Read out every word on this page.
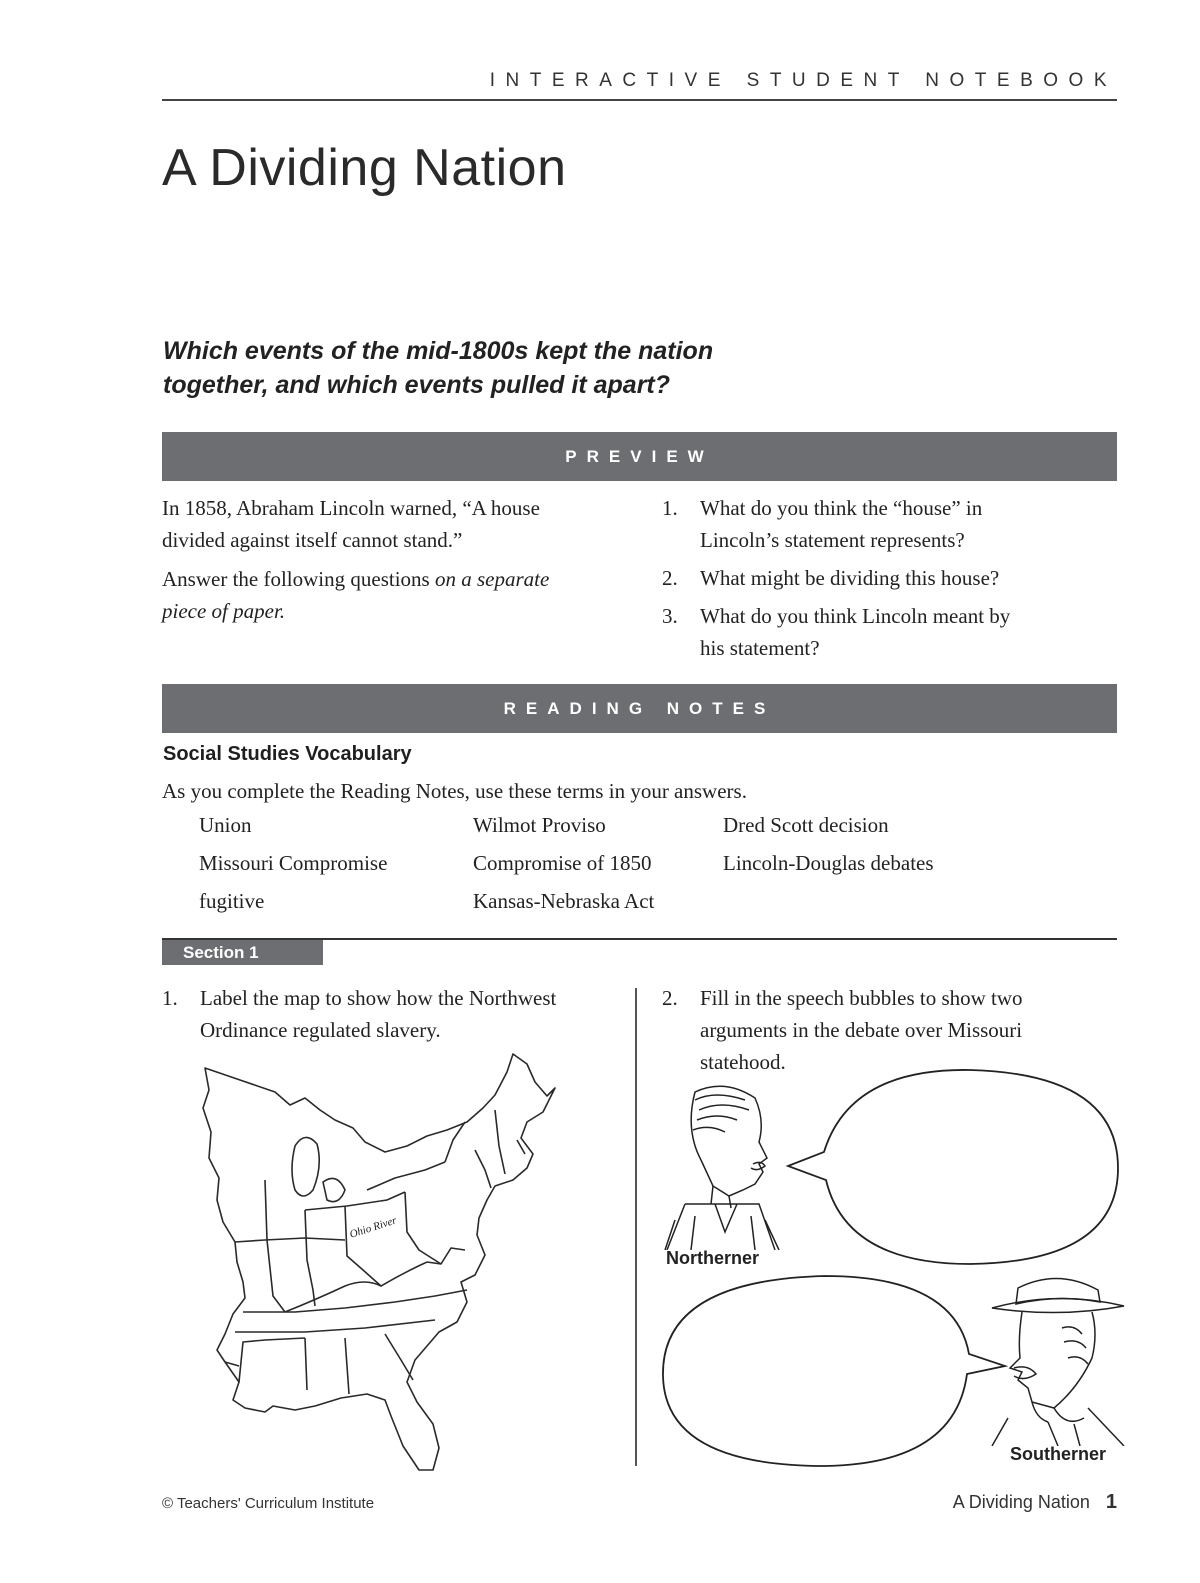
INTERACTIVE STUDENT NOTEBOOK
A Dividing Nation
Which events of the mid-1800s kept the nation
together, and which events pulled it apart?
PREVIEW
In 1858, Abraham Lincoln warned, “A house
divided against itself cannot stand.”
Answer the following questions on a separate
piece of paper.
1. What do you think the “house” in
Lincoln’s statement represents?
2. What might be dividing this house?
3. What do you think Lincoln meant by
his statement?
READING NOTES
Social Studies Vocabulary
As you complete the Reading Notes, use these terms in your answers.
Union	Wilmot Proviso	Dred Scott decision
Missouri Compromise	Compromise of 1850	Lincoln-Douglas debates
fugitive	Kansas-Nebraska Act
Section 1
1. Label the map to show how the Northwest
Ordinance regulated slavery.
2. Fill in the speech bubbles to show two
arguments in the debate over Missouri
statehood.
Ohio River
Northerner
Southerner
© Teachers' Curriculum Institute	A Dividing Nation 1
